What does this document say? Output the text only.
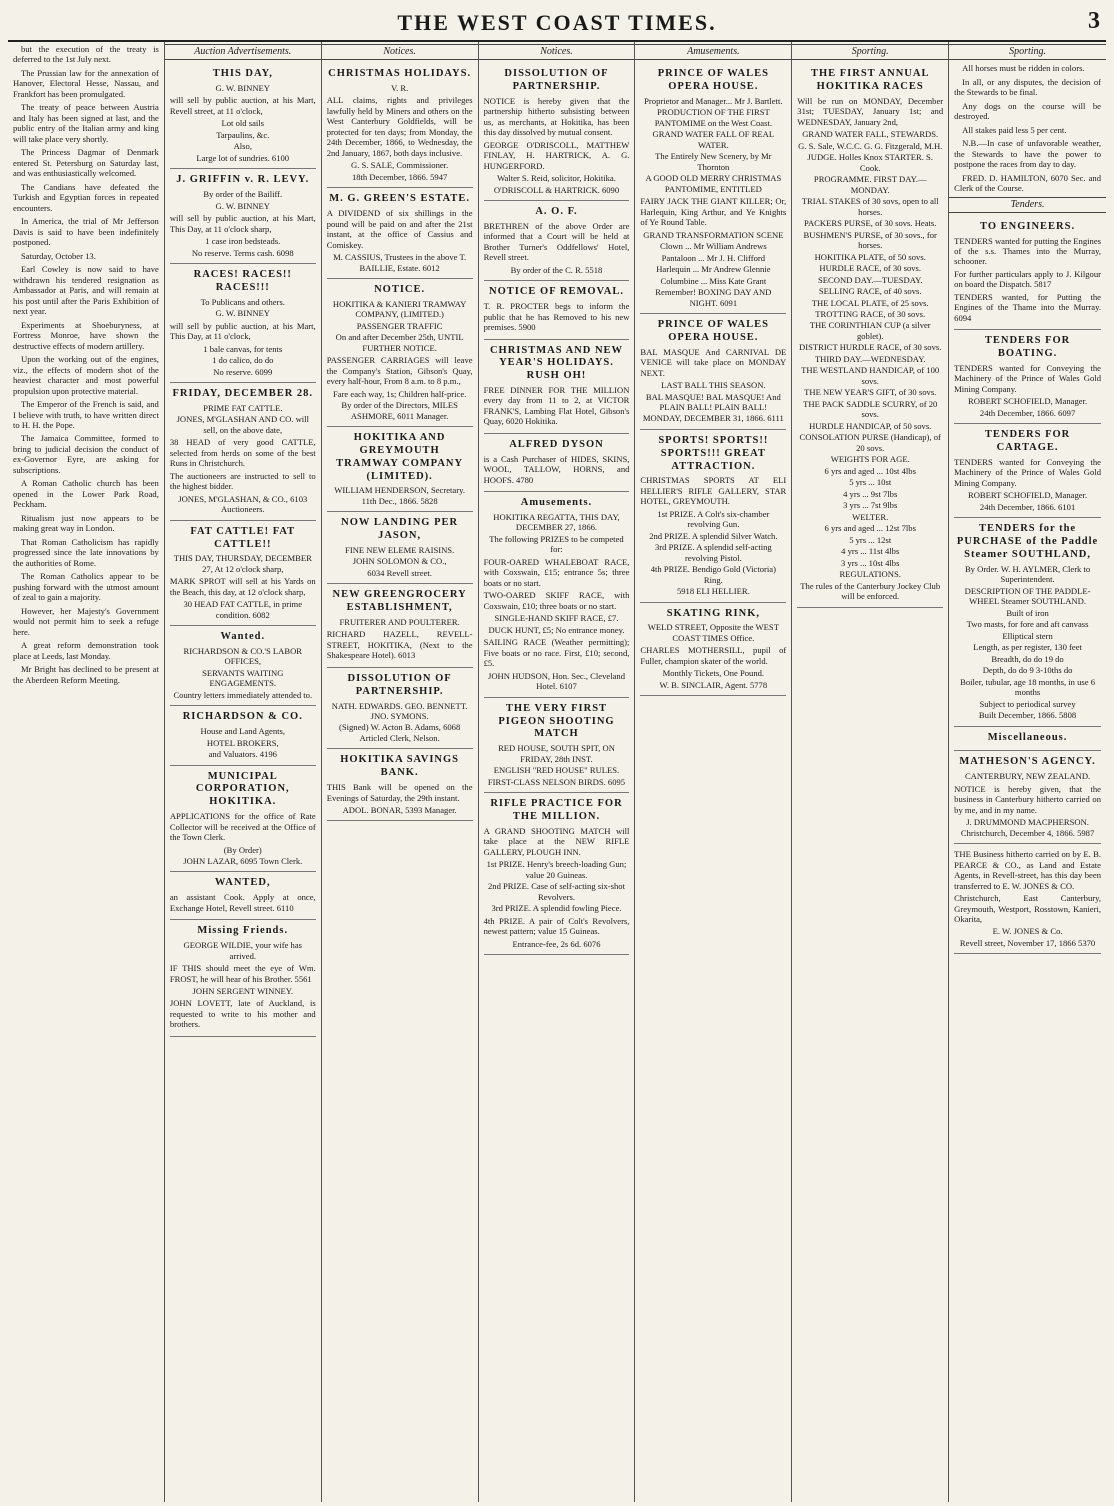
THE WEST COAST TIMES.	3

but the execution of the treaty is deferred to the 1st July next.

The Prussian law for the annexation of Hanover, Electoral Hesse, Nassau, and Frankfort has been promulgated.

The treaty of peace between Austria and Italy has been signed at last, and the public entry of the Italian army and king will take place very shortly.

The Princess Dagmar of Denmark entered St. Petersburg on Saturday last, and was enthusiastically welcomed.

The Candians have defeated the Turkish and Egyptian forces in repeated encounters.

In America, the trial of Mr Jefferson Davis is said to have been indefinitely postponed.

Saturday, October 13.

Earl Cowley is now said to have withdrawn his tendered resignation as Ambassador at Paris, and will remain at his post until after the Paris Exhibition of next year.

Experiments at Shoeburyness, at Fortress Monroe, have shown the destructive effects of modern artillery.

Upon the working out of the engines, viz., the effects of modern shot of the heaviest character and most powerful propulsion upon protective material.

The Emperor of the French is said, and I believe with truth, to have written direct to H. H. the Pope.

The Jamaica Committee, formed to bring to judicial decision the conduct of ex-Governor Eyre, are asking for subscriptions.

A Roman Catholic church has been opened in the Lower Park Road, Peckham.

Ritualism just now appears to be making great way in London.

That Roman Catholicism has rapidly progressed since the late innovations by the authorities of Rome.

The Roman Catholics appear to be pushing forward with the utmost amount of zeal to gain a majority.

However, her Majesty's Government would not permit him to seek a refuge here.

A great reform demonstration took place at Leeds, last Monday.

Mr Bright has declined to be present at the Aberdeen Reform Meeting.

Auction Advertisements.
THIS DAY,
G. W. BINNEY
will sell by public auction, at his Mart, Revell street, at 11 o'clock,
Lot old sails
Tarpaulins, &c.
Also,
Large lot of sundries. 6100
J. GRIFFIN v. R. LEVY.
By order of the Bailiff.
G. W. BINNEY
will sell by public auction, at his Mart, This Day, at 11 o'clock sharp,
1 case iron bedsteads.
No reserve. Terms cash. 6098
RACES! RACES!! RACES!!!
To Publicans and others.
G. W. BINNEY
will sell by public auction, at his Mart, This Day, at 11 o'clock,
1 bale canvas, for tents
1 do calico, do do
No reserve. 6099
FRIDAY, DECEMBER 28.
PRIME FAT CATTLE.
JONES, M'GLASHAN AND CO. will sell, on the above date,
38 HEAD of very good CATTLE, selected from herds on some of the best Runs in Christchurch.
The auctioneers are instructed to sell to the highest bidder.
JONES, M'GLASHAN, & CO., 6103 Auctioneers.
FAT CATTLE! FAT CATTLE!!
THIS DAY, THURSDAY, DECEMBER 27, At 12 o'clock sharp,
MARK SPROT will sell at his Yards on the Beach, this day, at 12 o'clock sharp,
30 HEAD FAT CATTLE, in prime condition. 6082
Wanted.
RICHARDSON & CO.'S LABOR OFFICES,
SERVANTS WAITING ENGAGEMENTS.
Country letters immediately attended to.
RICHARDSON & CO.
House and Land Agents,
HOTEL BROKERS,
and Valuators. 4196
MUNICIPAL CORPORATION, HOKITIKA.
APPLICATIONS for the office of Rate Collector will be received at the Office of the Town Clerk.
(By Order)
JOHN LAZAR, 6095 Town Clerk.
WANTED,
an assistant Cook. Apply at once, Exchange Hotel, Revell street. 6110
Missing Friends.
GEORGE WILDIE, your wife has arrived.
IF THIS should meet the eye of Wm. FROST, he will hear of his Brother. 5561
JOHN SERGENT WINNEY.
JOHN LOVETT, late of Auckland, is requested to write to his mother and brothers.
Notices.
CHRISTMAS HOLIDAYS.
V. R.
ALL claims, rights and privileges lawfully held by Miners and others on the West Canterbury Goldfields, will be protected for ten days; from Monday, the 24th December, 1866, to Wednesday, the 2nd January, 1867, both days inclusive.
G. S. SALE, Commissioner.
18th December, 1866. 5947
M. G. GREEN'S ESTATE.
A DIVIDEND of six shillings in the pound will be paid on and after the 21st instant, at the office of Cassius and Comiskey.
M. CASSIUS, Trustees in the above T. BAILLIE, Estate. 6012
NOTICE.
HOKITIKA & KANIERI TRAMWAY COMPANY, (LIMITED.)
PASSENGER TRAFFIC
On and after December 25th, UNTIL FURTHER NOTICE.
PASSENGER CARRIAGES will leave the Company's Station, Gibson's Quay, every half-hour, From 8 a.m. to 8 p.m.,
Fare each way, 1s; Children half-price.
By order of the Directors, MILES ASHMORE, 6011 Manager.
HOKITIKA AND GREYMOUTH TRAMWAY COMPANY (LIMITED).
WILLIAM HENDERSON, Secretary. 11th Dec., 1866. 5828
NOW LANDING PER JASON,
FINE NEW ELEME RAISINS.
JOHN SOLOMON & CO.,
6034 Revell street.
NEW GREENGROCERY ESTABLISHMENT,
FRUITERER AND POULTERER.
RICHARD HAZELL, REVELL-STREET, HOKITIKA, (Next to the Shakespeare Hotel). 6013
DISSOLUTION OF PARTNERSHIP.
NATH. EDWARDS. GEO. BENNETT. JNO. SYMONS.
(Signed) W. Acton B. Adams, 6068 Articled Clerk, Nelson.
HOKITIKA SAVINGS BANK.
THIS Bank will be opened on the Evenings of Saturday, the 29th instant.
ADOL. BONAR, 5393 Manager.
Notices.
DISSOLUTION OF PARTNERSHIP.
NOTICE is hereby given that the partnership hitherto subsisting between us, as merchants, at Hokitika, has been this day dissolved by mutual consent.
GEORGE O'DRISCOLL, MATTHEW FINLAY, H. HARTRICK, A. G. HUNGERFORD.
Walter S. Reid, solicitor, Hokitika.
O'DRISCOLL & HARTRICK. 6090
A. O. F.
BRETHREN of the above Order are informed that a Court will be held at Brother Turner's Oddfellows' Hotel, Revell street.
By order of the C. R. 5518
NOTICE OF REMOVAL.
T. R. PROCTER begs to inform the public that he has Removed to his new premises. 5900
CHRISTMAS AND NEW YEAR'S HOLIDAYS. RUSH OH!
FREE DINNER FOR THE MILLION every day from 11 to 2, at VICTOR FRANK'S, Lambing Flat Hotel, Gibson's Quay, 6020 Hokitika.
ALFRED DYSON
is a Cash Purchaser of HIDES, SKINS, WOOL, TALLOW, HORNS, and HOOFS. 4780
Amusements.
HOKITIKA REGATTA, THIS DAY, DECEMBER 27, 1866.
The following PRIZES to be competed for:
FOUR-OARED WHALEBOAT RACE, with Coxswain, £15; entrance 5s; three boats or no start.
TWO-OARED SKIFF RACE, with Coxswain, £10; three boats or no start.
SINGLE-HAND SKIFF RACE, £7.
DUCK HUNT, £5; No entrance money.
SAILING RACE (Weather permitting); Five boats or no race. First, £10; second, £5.
JOHN HUDSON, Hon. Sec., Cleveland Hotel. 6107
THE VERY FIRST PIGEON SHOOTING MATCH
RED HOUSE, SOUTH SPIT, ON FRIDAY, 28th INST.
ENGLISH "RED HOUSE" RULES.
FIRST-CLASS NELSON BIRDS. 6095
RIFLE PRACTICE FOR THE MILLION.
A GRAND SHOOTING MATCH will take place at the NEW RIFLE GALLERY, PLOUGH INN.
1st PRIZE. Henry's breech-loading Gun; value 20 Guineas.
2nd PRIZE. Case of self-acting six-shot Revolvers.
3rd PRIZE. A splendid fowling Piece.
4th PRIZE. A pair of Colt's Revolvers, newest pattern; value 15 Guineas.
Entrance-fee, 2s 6d. 6076
Amusements.
PRINCE OF WALES OPERA HOUSE.
Proprietor and Manager... Mr J. Bartlett.
PRODUCTION OF THE FIRST PANTOMIME on the West Coast.
GRAND WATER FALL OF REAL WATER.
The Entirely New Scenery, by Mr Thornton
A GOOD OLD MERRY CHRISTMAS PANTOMIME, ENTITLED
FAIRY JACK THE GIANT KILLER; Or, Harlequin, King Arthur, and Ye Knights of Ye Round Table.
GRAND TRANSFORMATION SCENE
Clown ... Mr William Andrews
Pantaloon ... Mr J. H. Clifford
Harlequin ... Mr Andrew Glennie
Columbine ... Miss Kate Grant
Remember! BOXING DAY AND NIGHT. 6091
PRINCE OF WALES OPERA HOUSE.
BAL MASQUE And CARNIVAL DE VENICE will take place on MONDAY NEXT.
LAST BALL THIS SEASON.
BAL MASQUE! BAL MASQUE! And PLAIN BALL! PLAIN BALL!
MONDAY, DECEMBER 31, 1866. 6111
SPORTS! SPORTS!! SPORTS!!! GREAT ATTRACTION.
CHRISTMAS SPORTS AT ELI HELLIER'S RIFLE GALLERY, STAR HOTEL, GREYMOUTH.
1st PRIZE. A Colt's six-chamber revolving Gun.
2nd PRIZE. A splendid Silver Watch.
3rd PRIZE. A splendid self-acting revolving Pistol.
4th PRIZE. Bendigo Gold (Victoria) Ring.
5918 ELI HELLIER.
SKATING RINK,
WELD STREET, Opposite the WEST COAST TIMES Office.
CHARLES MOTHERSILL, pupil of Fuller, champion skater of the world.
Monthly Tickets, One Pound.
W. B. SINCLAIR, Agent. 5778
Sporting.
THE FIRST ANNUAL HOKITIKA RACES
Will be run on MONDAY, December 31st; TUESDAY, January 1st; and WEDNESDAY, January 2nd,
GRAND WATER FALL, STEWARDS.
G. S. Sale, W.C.C. G. G. Fitzgerald, M.H.
JUDGE. Holles Knox STARTER. S. Cook.
PROGRAMME. FIRST DAY.—MONDAY.
TRIAL STAKES of 30 sovs, open to all horses.
PACKERS PURSE, of 30 sovs. Heats.
BUSHMEN'S PURSE, of 30 sovs., for horses.
HOKITIKA PLATE, of 50 sovs.
HURDLE RACE, of 30 sovs.
SECOND DAY.—TUESDAY.
SELLING RACE, of 40 sovs.
THE LOCAL PLATE, of 25 sovs.
TROTTING RACE, of 30 sovs.
THE CORINTHIAN CUP (a silver goblet).
DISTRICT HURDLE RACE, of 30 sovs.
THIRD DAY.—WEDNESDAY.
THE WESTLAND HANDICAP, of 100 sovs.
THE NEW YEAR'S GIFT, of 30 sovs.
THE PACK SADDLE SCURRY, of 20 sovs.
HURDLE HANDICAP, of 50 sovs.
CONSOLATION PURSE (Handicap), of 20 sovs.
WEIGHTS FOR AGE.
6 yrs and aged ... 10st 4lbs
5 yrs ... 10st
4 yrs ... 9st 7lbs
3 yrs ... 7st 9lbs
WELTER.
6 yrs and aged ... 12st 7lbs
5 yrs ... 12st
4 yrs ... 11st 4lbs
3 yrs ... 10st 4lbs
REGULATIONS.
The rules of the Canterbury Jockey Club will be enforced.
Sporting.

All horses must be ridden in colors.

In all, or any disputes, the decision of the Stewards to be final.

Any dogs on the course will be destroyed.

All stakes paid less 5 per cent.

N.B.—In case of unfavorable weather, the Stewards to have the power to postpone the races from day to day.

FRED. D. HAMILTON, 6070 Sec. and Clerk of the Course.

Tenders.
TO ENGINEERS.
TENDERS wanted for putting the Engines of the s.s. Thames into the Murray, schooner.
For further particulars apply to J. Kilgour on board the Dispatch. 5817
TENDERS wanted, for Putting the Engines of the Thame into the Murray. 6094
TENDERS FOR BOATING.
TENDERS wanted for Conveying the Machinery of the Prince of Wales Gold Mining Company.
ROBERT SCHOFIELD, Manager.
24th December, 1866. 6097
TENDERS FOR CARTAGE.
TENDERS wanted for Conveying the Machinery of the Prince of Wales Gold Mining Company.
ROBERT SCHOFIELD, Manager.
24th December, 1866. 6101
TENDERS for the PURCHASE of the Paddle Steamer SOUTHLAND,
By Order. W. H. AYLMER, Clerk to Superintendent.
DESCRIPTION OF THE PADDLE-WHEEL Steamer SOUTHLAND.
Built of iron
Two masts, for fore and aft canvass
Elliptical stern
Length, as per register, 130 feet
Breadth, do do 19 do
Depth, do do 9 3-10ths do
Boiler, tubular, age 18 months, in use 6 months
Subject to periodical survey
Built December, 1866. 5808
Miscellaneous.
MATHESON'S AGENCY.
CANTERBURY, NEW ZEALAND.
NOTICE is hereby given, that the business in Canterbury hitherto carried on by me, and in my name.
J. DRUMMOND MACPHERSON. Christchurch, December 4, 1866. 5987
THE Business hitherto carried on by E. B. PEARCE & CO., as Land and Estate Agents, in Revell-street, has this day been transferred to E. W. JONES & CO.
Christchurch, East Canterbury, Greymouth, Westport, Rosstown, Kanieri, Okarita,
E. W. JONES & Co.
Revell street, November 17, 1866 5370
